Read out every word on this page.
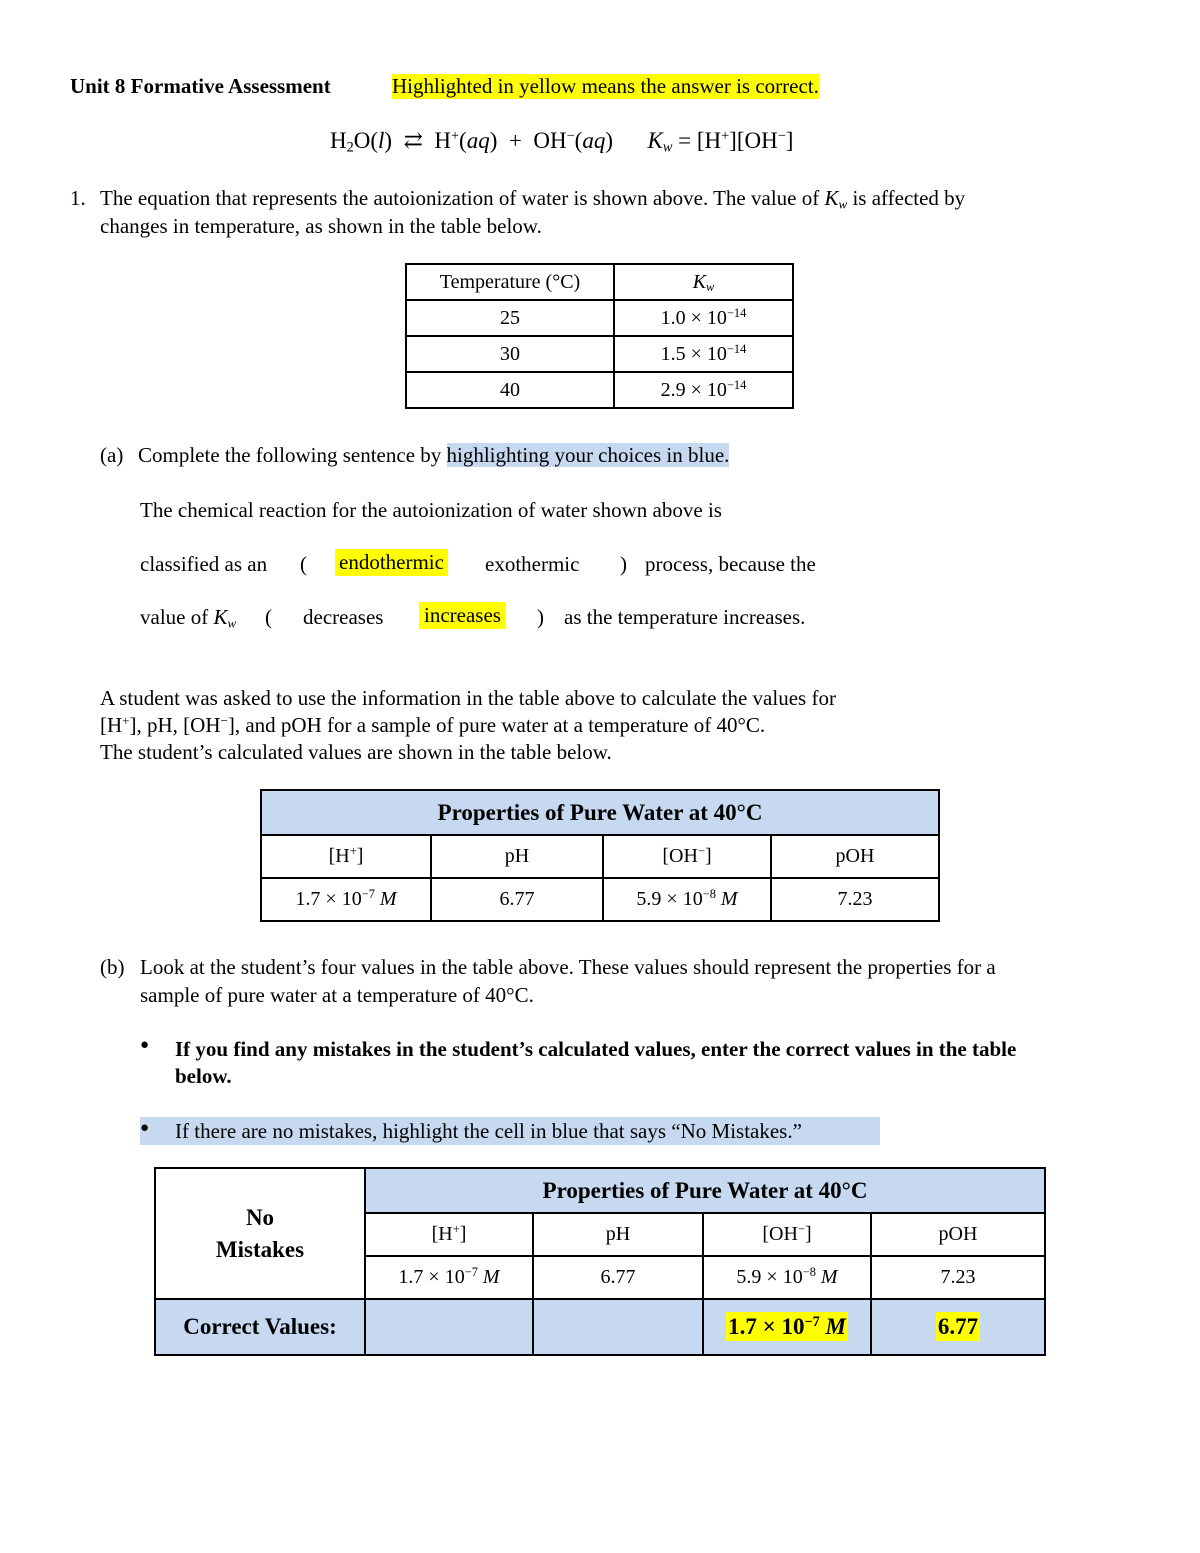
Unit 8 Formative Assessment	Highlighted in yellow means the answer is correct.
$H_2O(l)$ ⇄ H+(aq)  + OH−(aq)      $K_w = [H^+][OH^-]$
1. The equation that represents the autoionization of water is shown above. The value of $K_w$ is affected by
changes in temperature, as shown in the table below.
Temperature (°C)	$K_w$
25	$1.0 \times 10^{-14}$
30	$1.5 \times 10^{-14}$
40	$2.9 \times 10^{-14}$
(a) Complete the following sentence by highlighting your choices in blue.
The chemical reaction for the autoionization of water shown above is
classified as an ( endothermic exothermic ) process, because the
value of $K_w$ ( decreases increases ) as the temperature increases.
A student was asked to use the information in the table above to calculate the values for
[H+], pH, [OH−], and pOH for a sample of pure water at a temperature of 40°C.
The student’s calculated values are shown in the table below.
Properties of Pure Water at 40°C			
[H+]	pH	[OH−]	pOH
$1.7 \times 10^{-7}$ M	6.77	$5.9 \times 10^{-8}$ M	7.23
(b) Look at the student’s four values in the table above. These values should represent the properties for a
sample of pure water at a temperature of 40°C.
● If you find any mistakes in the student’s calculated values, enter the correct values in the table
below.
● If there are no mistakes, highlight the cell in blue that says “No Mistakes.”
No
Mistakes	Properties of Pure Water at 40°C			
	[H+]	pH	[OH−]	pOH
	$1.7 \times 10^{-7}$ M	6.77	$5.9 \times 10^{-8}$ M	7.23
Correct Values:			$1.7 \times 10^{-7}$ M	6.77
